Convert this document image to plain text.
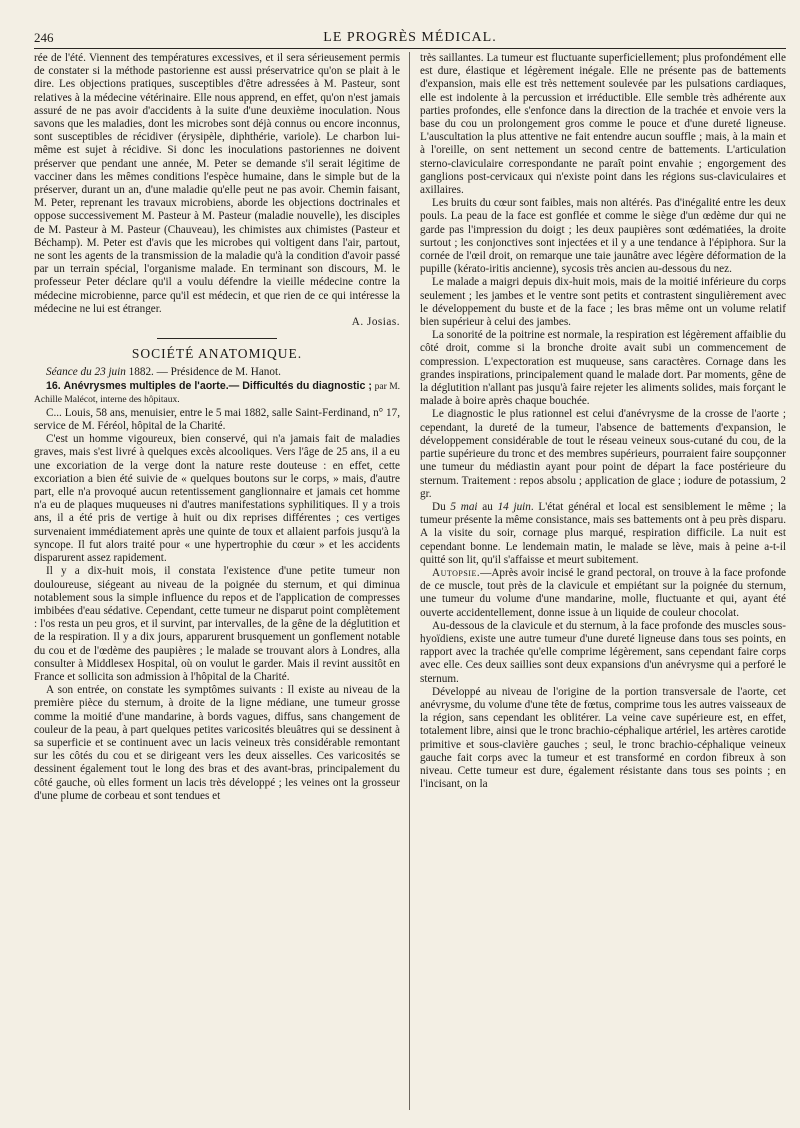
246	LE PROGRÈS MÉDICAL.

rée de l'été. Viennent des températures excessives, et il sera sérieusement permis de constater si la méthode pastorienne est aussi préservatrice qu'on se plait à le dire. Les objections pratiques, susceptibles d'être adressées à M. Pasteur, sont relatives à la médecine vétérinaire. Elle nous apprend, en effet, qu'on n'est jamais assuré de ne pas avoir d'accidents à la suite d'une deuxième inoculation. Nous savons que les maladies, dont les microbes sont déjà connus ou encore inconnus, sont susceptibles de récidiver (érysipèle, diphthérie, variole). Le charbon lui-même est sujet à récidive. Si donc les inoculations pastoriennes ne doivent préserver que pendant une année, M. Peter se demande s'il serait légitime de vacciner dans les mêmes conditions l'espèce humaine, dans le simple but de la préserver, durant un an, d'une maladie qu'elle peut ne pas avoir. Chemin faisant, M. Peter, reprenant les travaux microbiens, aborde les objections doctrinales et oppose successivement M. Pasteur à M. Pasteur (maladie nouvelle), les disciples de M. Pasteur à M. Pasteur (Chauveau), les chimistes aux chimistes (Pasteur et Béchamp). M. Peter est d'avis que les microbes qui voltigent dans l'air, partout, ne sont les agents de la transmission de la maladie qu'à la condition d'avoir passé par un terrain spécial, l'organisme malade. En terminant son discours, M. le professeur Peter déclare qu'il a voulu défendre la vieille médecine contre la médecine microbienne, parce qu'il est médecin, et que rien de ce qui intéresse la médecine ne lui est étranger.

A. Josias.

SOCIÉTÉ ANATOMIQUE.

Séance du 23 juin 1882. — Présidence de M. Hanot.

16. Anévrysmes multiples de l'aorte.— Difficultés du diagnostic ; par M. Achille Malécot, interne des hôpitaux.

C... Louis, 58 ans, menuisier, entre le 5 mai 1882, salle Saint-Ferdinand, n° 17, service de M. Féréol, hôpital de la Charité.

C'est un homme vigoureux, bien conservé, qui n'a jamais fait de maladies graves, mais s'est livré à quelques excès alcooliques. Vers l'âge de 25 ans, il a eu une excoriation de la verge dont la nature reste douteuse : en effet, cette excoriation a bien été suivie de « quelques boutons sur le corps, » mais, d'autre part, elle n'a provoqué aucun retentissement ganglionnaire et jamais cet homme n'a eu de plaques muqueuses ni d'autres manifestations syphilitiques. Il y a trois ans, il a été pris de vertige à huit ou dix reprises différentes ; ces vertiges survenaient immédiatement après une quinte de toux et allaient parfois jusqu'à la syncope. Il fut alors traité pour « une hypertrophie du cœur » et les accidents disparurent assez rapidement.

Il y a dix-huit mois, il constata l'existence d'une petite tumeur non douloureuse, siégeant au niveau de la poignée du sternum, et qui diminua notablement sous la simple influence du repos et de l'application de compresses imbibées d'eau sédative. Cependant, cette tumeur ne disparut point complètement : l'os resta un peu gros, et il survint, par intervalles, de la gêne de la déglutition et de la respiration. Il y a dix jours, apparurent brusquement un gonflement notable du cou et de l'œdème des paupières ; le malade se trouvant alors à Londres, alla consulter à Middlesex Hospital, où on voulut le garder. Mais il revint aussitôt en France et sollicita son admission à l'hôpital de la Charité.

A son entrée, on constate les symptômes suivants : Il existe au niveau de la première pièce du sternum, à droite de la ligne médiane, une tumeur grosse comme la moitié d'une mandarine, à bords vagues, diffus, sans changement de couleur de la peau, à part quelques petites varicosités bleuâtres qui se dessinent à sa superficie et se continuent avec un lacis veineux très considérable remontant sur les côtés du cou et se dirigeant vers les deux aisselles. Ces varicosités se dessinent également tout le long des bras et des avant-bras, principalement du côté gauche, où elles forment un lacis très développé ; les veines ont la grosseur d'une plume de corbeau et sont tendues et

très saillantes. La tumeur est fluctuante superficiellement; plus profondément elle est dure, élastique et légèrement inégale. Elle ne présente pas de battements d'expansion, mais elle est très nettement soulevée par les pulsations cardiaques, elle est indolente à la percussion et irréductible. Elle semble très adhérente aux parties profondes, elle s'enfonce dans la direction de la trachée et envoie vers la base du cou un prolongement gros comme le pouce et d'une dureté ligneuse. L'auscultation la plus attentive ne fait entendre aucun souffle ; mais, à la main et à l'oreille, on sent nettement un second centre de battements. L'articulation sterno-claviculaire correspondante ne paraît point envahie ; engorgement des ganglions post-cervicaux qui n'existe point dans les régions sus-claviculaires et axillaires.

Les bruits du cœur sont faibles, mais non altérés. Pas d'inégalité entre les deux pouls. La peau de la face est gonflée et comme le siège d'un œdème dur qui ne garde pas l'impression du doigt ; les deux paupières sont œdématiées, la droite surtout ; les conjonctives sont injectées et il y a une tendance à l'épiphora. Sur la cornée de l'œil droit, on remarque une taie jaunâtre avec légère déformation de la pupille (kérato-iritis ancienne), sycosis très ancien au-dessous du nez.

Le malade a maigri depuis dix-huit mois, mais de la moitié inférieure du corps seulement ; les jambes et le ventre sont petits et contrastent singulièrement avec le développement du buste et de la face ; les bras même ont un volume relatif bien supérieur à celui des jambes.

La sonorité de la poitrine est normale, la respiration est légèrement affaiblie du côté droit, comme si la bronche droite avait subi un commencement de compression. L'expectoration est muqueuse, sans caractères. Cornage dans les grandes inspirations, principalement quand le malade dort. Par moments, gêne de la déglutition n'allant pas jusqu'à faire rejeter les aliments solides, mais forçant le malade à boire après chaque bouchée.

Le diagnostic le plus rationnel est celui d'anévrysme de la crosse de l'aorte ; cependant, la dureté de la tumeur, l'absence de battements d'expansion, le développement considérable de tout le réseau veineux sous-cutané du cou, de la partie supérieure du tronc et des membres supérieurs, pourraient faire soupçonner une tumeur du médiastin ayant pour point de départ la face postérieure du sternum. Traitement : repos absolu ; application de glace ; iodure de potassium, 2 gr.

Du 5 mai au 14 juin. L'état général et local est sensiblement le même ; la tumeur présente la même consistance, mais ses battements ont à peu près disparu. A la visite du soir, cornage plus marqué, respiration difficile. La nuit est cependant bonne. Le lendemain matin, le malade se lève, mais à peine a-t-il quitté son lit, qu'il s'affaisse et meurt subitement.

Autopsie.—Après avoir incisé le grand pectoral, on trouve à la face profonde de ce muscle, tout près de la clavicule et empiétant sur la poignée du sternum, une tumeur du volume d'une mandarine, molle, fluctuante et qui, ayant été ouverte accidentellement, donne issue à un liquide de couleur chocolat.

Au-dessous de la clavicule et du sternum, à la face profonde des muscles sous-hyoïdiens, existe une autre tumeur d'une dureté ligneuse dans tous ses points, en rapport avec la trachée qu'elle comprime légèrement, sans cependant faire corps avec elle. Ces deux saillies sont deux expansions d'un anévrysme qui a perforé le sternum.

Développé au niveau de l'origine de la portion transversale de l'aorte, cet anévrysme, du volume d'une tête de fœtus, comprime tous les autres vaisseaux de la région, sans cependant les oblitérer. La veine cave supérieure est, en effet, totalement libre, ainsi que le tronc brachio-céphalique artériel, les artères carotide primitive et sous-clavière gauches ; seul, le tronc brachio-céphalique veineux gauche fait corps avec la tumeur et est transformé en cordon fibreux à son niveau. Cette tumeur est dure, également résistante dans tous ses points ; en l'incisant, on la
